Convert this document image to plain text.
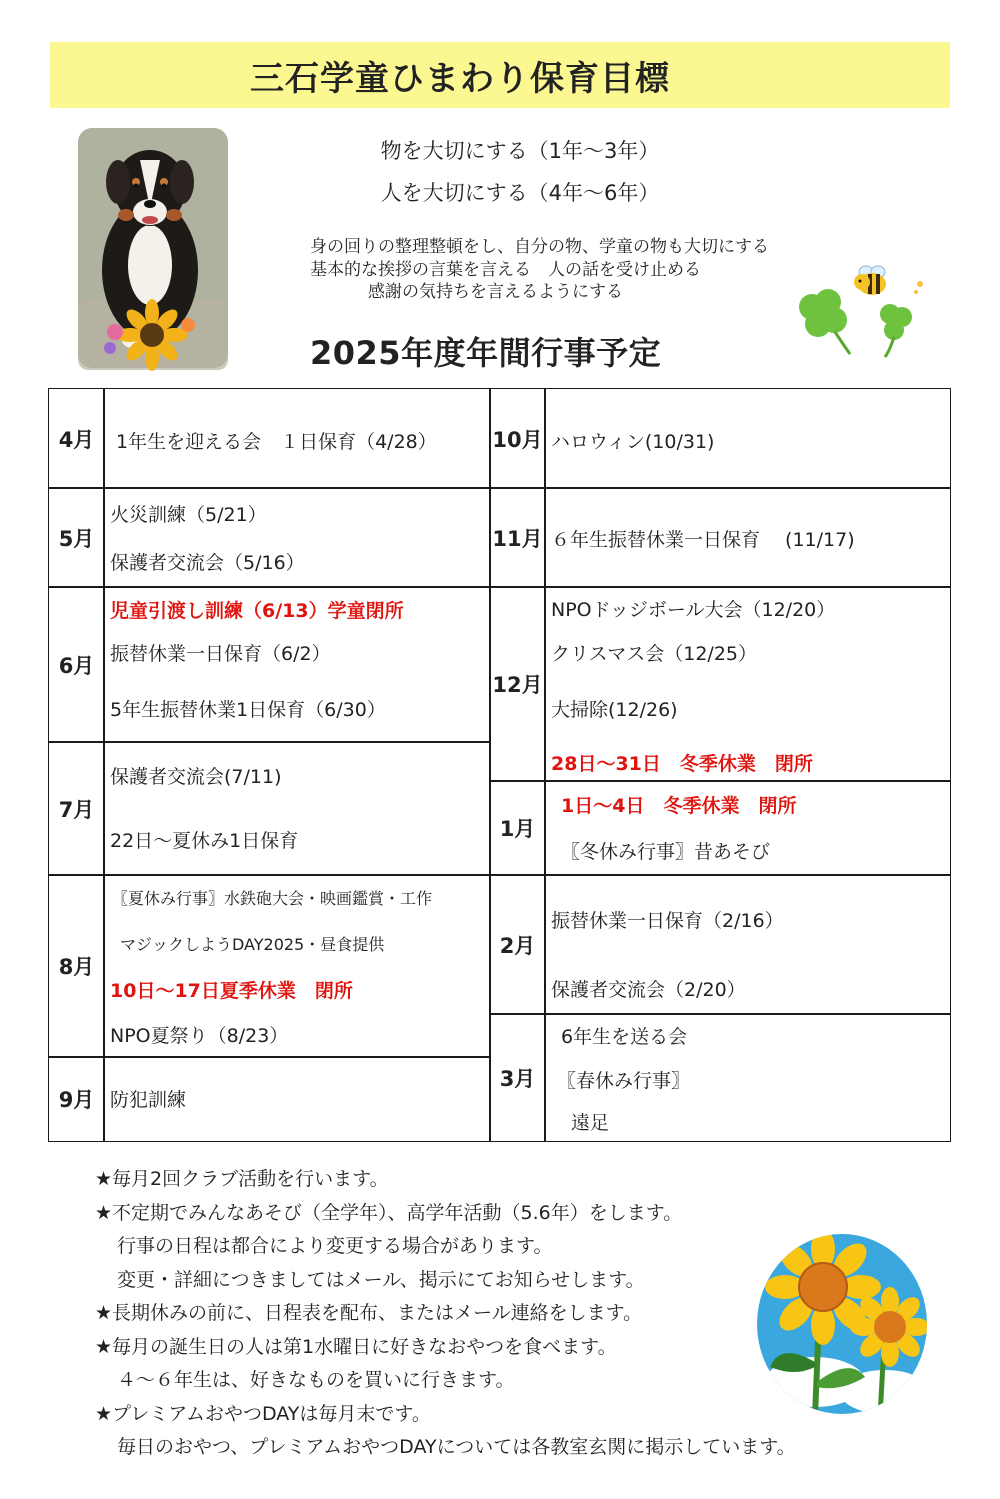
三石学童ひまわり保育目標
物を大切にする（1年～3年）
人を大切にする（4年～6年）
身の回りの整理整頓をし、自分の物、学童の物も大切にする
基本的な挨拶の言葉を言える　人の話を受け止める
感謝の気持ちを言えるようにする
2025年度年間行事予定
4月	1年生を迎える会　１日保育（4/28）
5月
火災訓練（5/21）
保護者交流会（5/16）
6月
児童引渡し訓練（6/13）学童閉所
振替休業一日保育（6/2）
5年生振替休業1日保育（6/30）
7月
保護者交流会(7/11)
22日～夏休み1日保育
8月
〖夏休み行事〗水鉄砲大会・映画鑑賞・工作
マジックしようDAY2025・昼食提供
10日～17日夏季休業　閉所
NPO夏祭り（8/23）
9月 防犯訓練
10月 ハロウィン(10/31)
11月 ６年生振替休業一日保育　 (11/17)
12月
NPOドッジボール大会（12/20）
クリスマス会（12/25）
大掃除(12/26)
28日～31日　冬季休業　閉所
1月
1日～4日　冬季休業　閉所
〖冬休み行事〗昔あそび
2月
振替休業一日保育（2/16）
保護者交流会（2/20）
3月
6年生を送る会
〖春休み行事〗
遠足
★毎月2回クラブ活動を行います。
★不定期でみんなあそび（全学年）、高学年活動（5.6年）をします。
行事の日程は都合により変更する場合があります。
変更・詳細につきましてはメール、掲示にてお知らせします。
★長期休みの前に、日程表を配布、またはメール連絡をします。
★毎月の誕生日の人は第1水曜日に好きなおやつを食べます。
４～６年生は、好きなものを買いに行きます。
★プレミアムおやつDAYは毎月末です。
毎日のおやつ、プレミアムおやつDAYについては各教室玄関に掲示しています。
